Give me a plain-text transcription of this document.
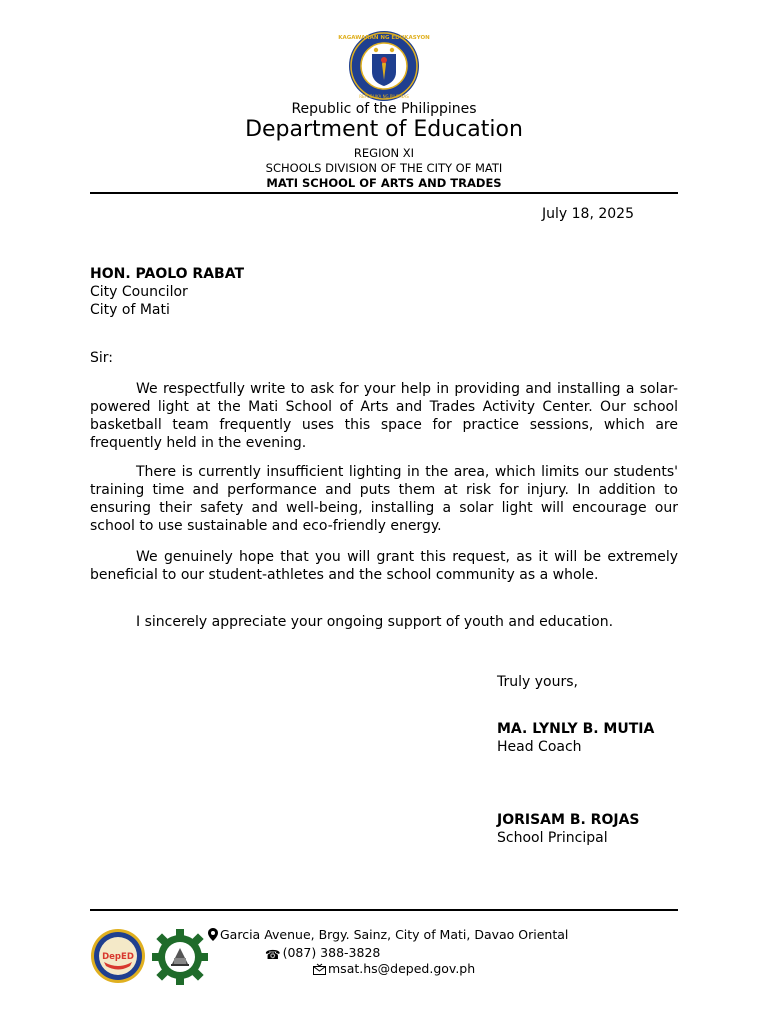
KAGAWARAN NG EDUKASYON
REPUBLIKA NG PILIPINAS
Republic of the Philippines
Department of Education
REGION XI
SCHOOLS DIVISION OF THE CITY OF MATI
MATI SCHOOL OF ARTS AND TRADES
July 18, 2025
HON. PAOLO RABAT
City Councilor
City of Mati
Sir:
We respectfully write to ask for your help in providing and installing a solar-powered light at the Mati School of Arts and Trades Activity Center. Our school basketball team frequently uses this space for practice sessions, which are frequently held in the evening.
There is currently insufficient lighting in the area, which limits our students' training time and performance and puts them at risk for injury. In addition to ensuring their safety and well-being, installing a solar light will encourage our school to use sustainable and eco-friendly energy.
We genuinely hope that you will grant this request, as it will be extremely beneficial to our student-athletes and the school community as a whole.
I sincerely appreciate your ongoing support of youth and education.
Truly yours,
MA. LYNLY B. MUTIA
Head Coach
JORISAM B. ROJAS
School Principal
DepED
Garcia Avenue, Brgy. Sainz, City of Mati, Davao Oriental
☎ (087) 388-3828
msat.hs@deped.gov.ph
